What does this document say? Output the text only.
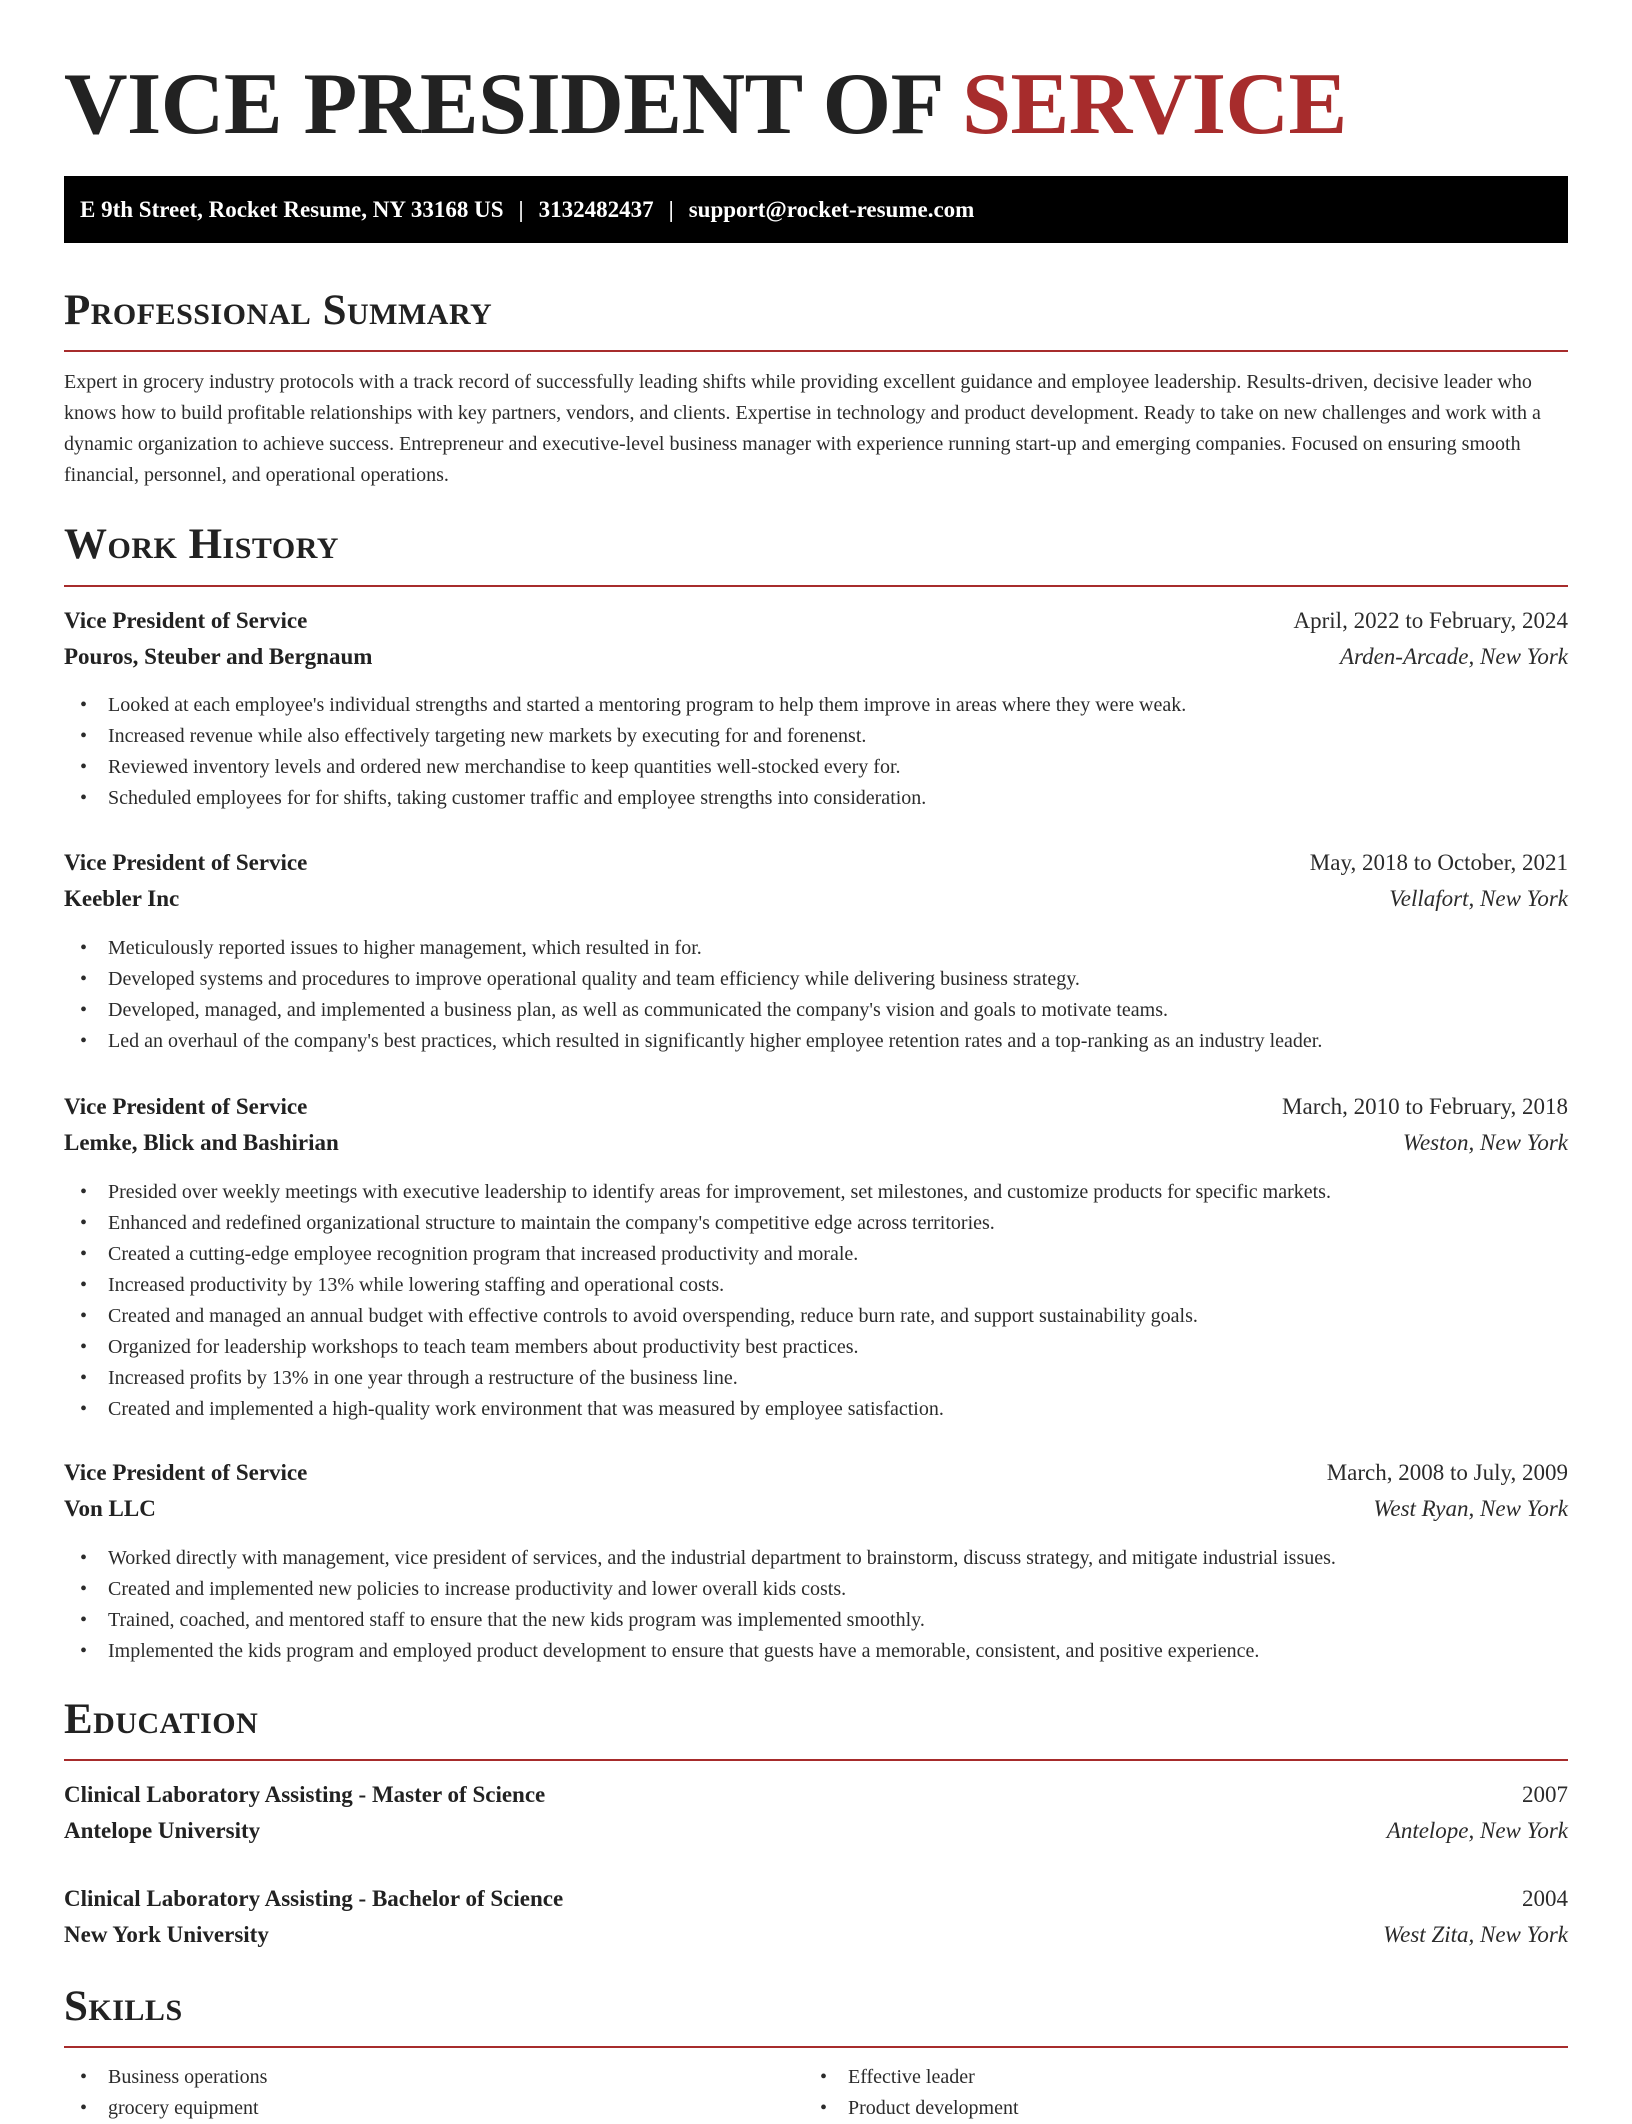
VICE PRESIDENT OF SERVICE
E 9th Street, Rocket Resume, NY 33168 US | 3132482437 | support@rocket-resume.com
Professional Summary

Expert in grocery industry protocols with a track record of successfully leading shifts while providing excellent guidance and employee leadership. Results-driven, decisive leader who knows how to build profitable relationships with key partners, vendors, and clients. Expertise in technology and product development. Ready to take on new challenges and work with a dynamic organization to achieve success. Entrepreneur and executive-level business manager with experience running start-up and emerging companies. Focused on ensuring smooth financial, personnel, and operational operations.

Work History
Vice President of Service	April, 2022 to February, 2024
Pouros, Steuber and Bergnaum	Arden-Arcade, New York
• Looked at each employee's individual strengths and started a mentoring program to help them improve in areas where they were weak.
• Increased revenue while also effectively targeting new markets by executing for and forenenst.
• Reviewed inventory levels and ordered new merchandise to keep quantities well-stocked every for.
• Scheduled employees for for shifts, taking customer traffic and employee strengths into consideration.
Vice President of Service	May, 2018 to October, 2021
Keebler Inc	Vellafort, New York
• Meticulously reported issues to higher management, which resulted in for.
• Developed systems and procedures to improve operational quality and team efficiency while delivering business strategy.
• Developed, managed, and implemented a business plan, as well as communicated the company's vision and goals to motivate teams.
• Led an overhaul of the company's best practices, which resulted in significantly higher employee retention rates and a top-ranking as an industry leader.
Vice President of Service	March, 2010 to February, 2018
Lemke, Blick and Bashirian	Weston, New York
• Presided over weekly meetings with executive leadership to identify areas for improvement, set milestones, and customize products for specific markets.
• Enhanced and redefined organizational structure to maintain the company's competitive edge across territories.
• Created a cutting-edge employee recognition program that increased productivity and morale.
• Increased productivity by 13% while lowering staffing and operational costs.
• Created and managed an annual budget with effective controls to avoid overspending, reduce burn rate, and support sustainability goals.
• Organized for leadership workshops to teach team members about productivity best practices.
• Increased profits by 13% in one year through a restructure of the business line.
• Created and implemented a high-quality work environment that was measured by employee satisfaction.
Vice President of Service	March, 2008 to July, 2009
Von LLC	West Ryan, New York
• Worked directly with management, vice president of services, and the industrial department to brainstorm, discuss strategy, and mitigate industrial issues.
• Created and implemented new policies to increase productivity and lower overall kids costs.
• Trained, coached, and mentored staff to ensure that the new kids program was implemented smoothly.
• Implemented the kids program and employed product development to ensure that guests have a memorable, consistent, and positive experience.
Education
Clinical Laboratory Assisting - Master of Science	2007
Antelope University	Antelope, New York
Clinical Laboratory Assisting - Bachelor of Science	2004
New York University	West Zita, New York
Skills
• Business operations
• grocery equipment
• Effective leader
• Product development
